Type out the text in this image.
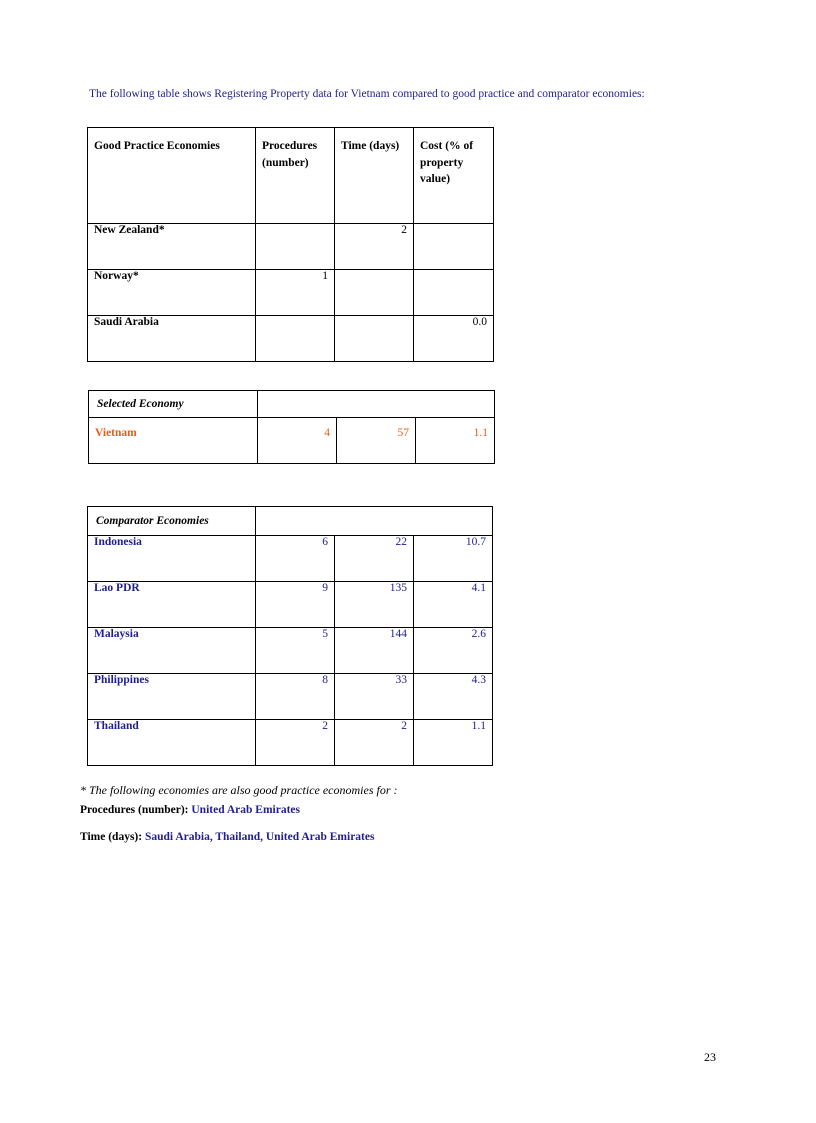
The following table shows Registering Property data for Vietnam compared to good practice and comparator economies:
Good Practice Economies	Procedures (number)	Time (days)	Cost (% of property value)
New Zealand*		2	
Norway*	1		
Saudi Arabia			0.0
Selected Economy			
Vietnam	4	57	1.1
Comparator Economies			
Indonesia	6	22	10.7
Lao PDR	9	135	4.1
Malaysia	5	144	2.6
Philippines	8	33	4.3
Thailand	2	2	1.1
* The following economies are also good practice economies for :
Procedures (number): United Arab Emirates
Time (days): Saudi Arabia, Thailand, United Arab Emirates
23
